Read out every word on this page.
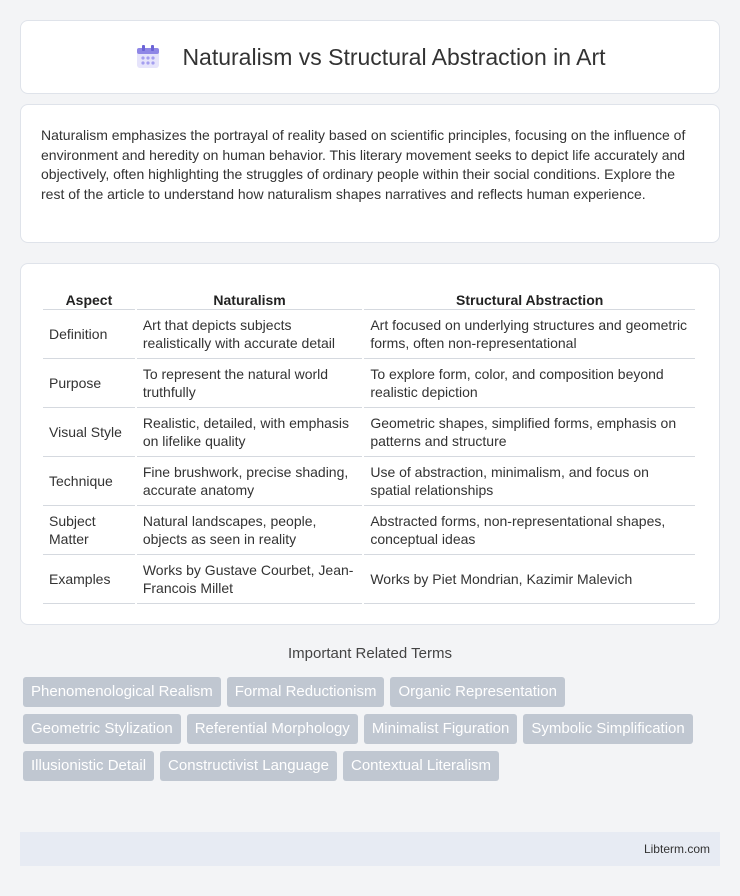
Naturalism vs Structural Abstraction in Art

Naturalism emphasizes the portrayal of reality based on scientific principles, focusing on the influence of environment and heredity on human behavior. This literary movement seeks to depict life accurately and objectively, often highlighting the struggles of ordinary people within their social conditions. Explore the rest of the article to understand how naturalism shapes narratives and reflects human experience.

Aspect	Naturalism	Structural Abstraction
Definition	Art that depicts subjects realistically with accurate detail	Art focused on underlying structures and geometric forms, often non-representational
Purpose	To represent the natural world truthfully	To explore form, color, and composition beyond realistic depiction
Visual Style	Realistic, detailed, with emphasis on lifelike quality	Geometric shapes, simplified forms, emphasis on patterns and structure
Technique	Fine brushwork, precise shading, accurate anatomy	Use of abstraction, minimalism, and focus on spatial relationships
Subject Matter	Natural landscapes, people, objects as seen in reality	Abstracted forms, non-representational shapes, conceptual ideas
Examples	Works by Gustave Courbet, Jean-Francois Millet	Works by Piet Mondrian, Kazimir Malevich
Important Related Terms
Phenomenological Realism	Formal Reductionism	Organic Representation
Geometric Stylization	Referential Morphology	Minimalist Figuration	Symbolic Simplification
Illusionistic Detail	Constructivist Language	Contextual Literalism
Libterm.com
